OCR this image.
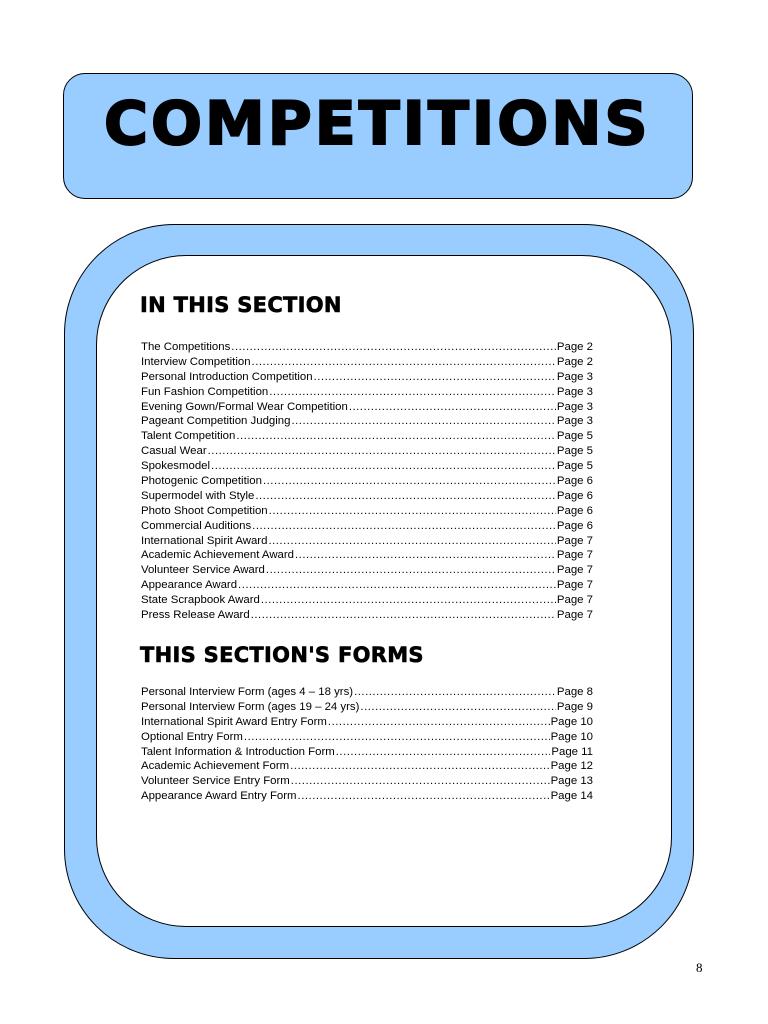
COMPETITIONS
IN THIS SECTION
The Competitions .....	Page 2
Interview Competition .....	Page 2
Personal Introduction Competition .....	Page 3
Fun Fashion Competition .....	Page 3
Evening Gown/Formal Wear Competition .....	Page 3
Pageant Competition Judging .....	Page 3
Talent Competition .....	Page 5
Casual Wear .....	Page 5
Spokesmodel .....	Page 5
Photogenic Competition .....	Page 6
Supermodel with Style .....	Page 6
Photo Shoot Competition .....	Page 6
Commercial Auditions .....	Page 6
International Spirit Award .....	Page 7
Academic Achievement Award .....	Page 7
Volunteer Service Award .....	Page 7
Appearance Award .....	Page 7
State Scrapbook Award .....	Page 7
Press Release Award .....	Page 7
THIS SECTION'S FORMS
Personal Interview Form (ages 4 – 18 yrs) .....	Page 8
Personal Interview Form (ages 19 – 24 yrs) .....	Page 9
International Spirit Award Entry Form .....	Page 10
Optional Entry Form .....	Page 10
Talent Information & Introduction Form .....	Page 11
Academic Achievement Form .....	Page 12
Volunteer Service Entry Form .....	Page 13
Appearance Award Entry Form .....	Page 14
8
